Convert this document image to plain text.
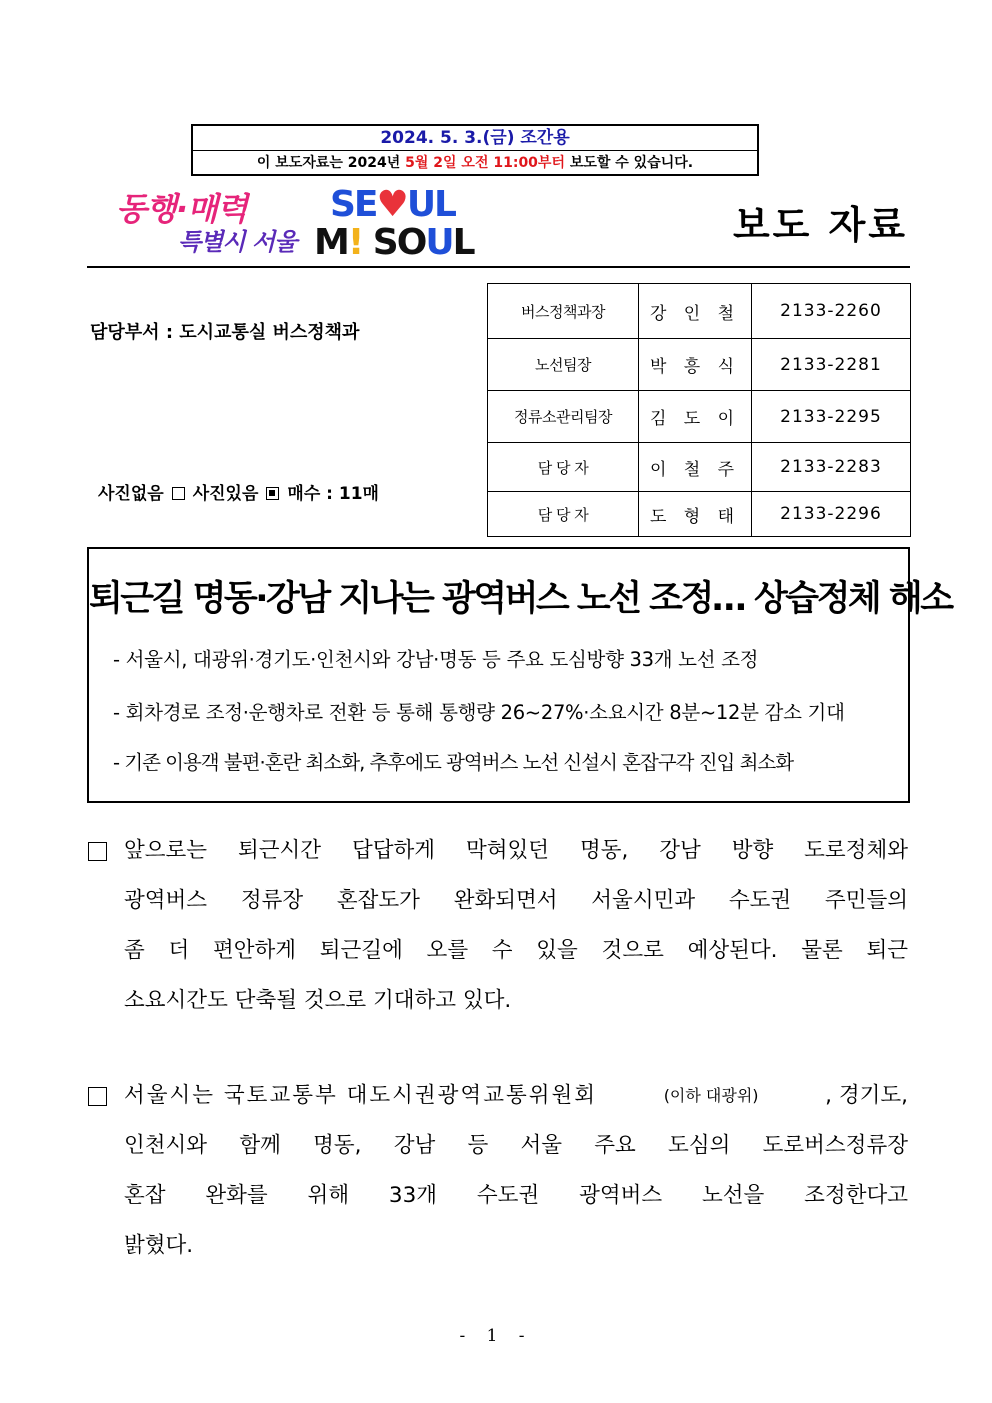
2024. 5. 3.(금) 조간용
이 보도자료는 2024년 5월 2일 오전 11:00부터 보도할 수 있습니다.
동행·매력
특별시 서울
SE♥UL
M! SOUL	보도 자료
담당부서 : 도시교통실 버스정책과
사진없음 사진있음 매수 : 11매
버스정책과장	강 인 철	2133-2260
노선팀장	박 흥 식	2133-2281
정류소관리팀장	김 도 이	2133-2295
담 당 자	이 철 주	2133-2283
담 당 자	도 형 태	2133-2296
퇴근길 명동·강남 지나는 광역버스 노선 조정… 상습정체 해소
- 서울시, 대광위·경기도·인천시와 강남·명동 등 주요 도심방향 33개 노선 조정
- 회차경로 조정·운행차로 전환 등 통해 통행량 26~27%·소요시간 8분~12분 감소 기대
- 기존 이용객 불편·혼란 최소화, 추후에도 광역버스 노선 신설시 혼잡구각 진입 최소화
앞으로는 퇴근시간 답답하게 막혀있던 명동, 강남 방향 도로정체와
광역버스 정류장 혼잡도가 완화되면서 서울시민과 수도권 주민들의
좀 더 편안하게 퇴근길에 오를 수 있을 것으로 예상된다. 물론 퇴근
소요시간도 단축될 것으로 기대하고 있다.
서울시는 국토교통부 대도시권광역교통위원회	(이하 대광위)	, 경기도,
인천시와 함께 명동, 강남 등 서울 주요 도심의 도로버스정류장
혼잡 완화를 위해 33개 수도권 광역버스 노선을 조정한다고
밝혔다.
- 1 -
